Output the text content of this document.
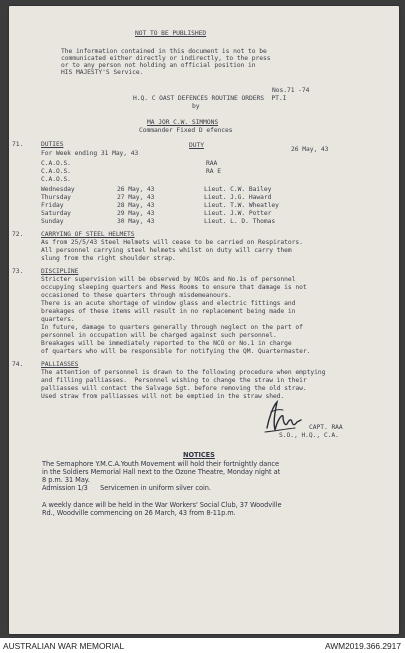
NOT TO BE PUBLISHED
The information contained in this document is not to be
communicated either directly or indirectly, to the press
or to any person not holding an official position in
HIS MAJESTY'S Service.
Nos.71 -74
H.Q. C OAST DEFENCES ROUTINE ORDERS  PT.I
by
MA JOR C.W. SIMMONS
Commander Fixed D efences
71.	DUTIES	DUTY
26 May, 43
For Week ending 31 May, 43
C.A.O.S.	RAA
C.A.O.S.	RA E
C.A.O.S.
Wednesday	26 May, 43	Lieut. C.W. Bailey
Thursday	27 May, 43	Lieut. J.G. Haward
Friday	28 May, 43	Lieut. T.W. Wheatley
Saturday	29 May, 43	Lieut. J.W. Potter
Sunday	30 May, 43	Lieut. L. D. Thomas
72.	CARRYING OF STEEL HELMETS
As from 25/5/43 Steel Helmets will cease to be carried on Respirators.
All personnel carrying steel helmets whilst on duty will carry them
slung from the right shoulder strap.
73.	DISCIPLINE
Stricter supervision will be observed by NCOs and No.1s of personnel
occupying sleeping quarters and Mess Rooms to ensure that damage is not
occasioned to these quarters through misdemeanours.
There is an acute shortage of window glass and electric fittings and
breakages of these items will result in no replacement being made in
quarters.
In future, damage to quarters generally through neglect on the part of
personnel in occupation will be charged against such personnel.
Breakages will be immediately reported to the NCO or No.1 in charge
of quarters who will be responsible for notifying the QM. Quartermaster.
74.	PALLIASSES
The attention of personnel is drawn to the following procedure when emptying
and filling palliasses.  Personnel wishing to change the straw in their
palliasses will contact the Salvage Sgt. before removing the old straw.
Used straw from palliasses will not be emptied in the straw shed.
CAPT. RAA
S.O., H.Q., C.A.
NOTICES
The Semaphore Y.M.C.A.Youth Movement will hold their fortnightly dance
in the Soldiers Memorial Hall next to the Ozone Theatre, Monday night at
8 p.m. 31 May.
Admission 1/3      Servicemen in uniform silver coin.
A weekly dance will be held in the War Workers' Social Club, 37 Woodville
Rd., Woodville commencing on 26 March, 43 from 8-11p.m.
AUSTRALIAN WAR MEMORIAL	AWM2019.366.2917
